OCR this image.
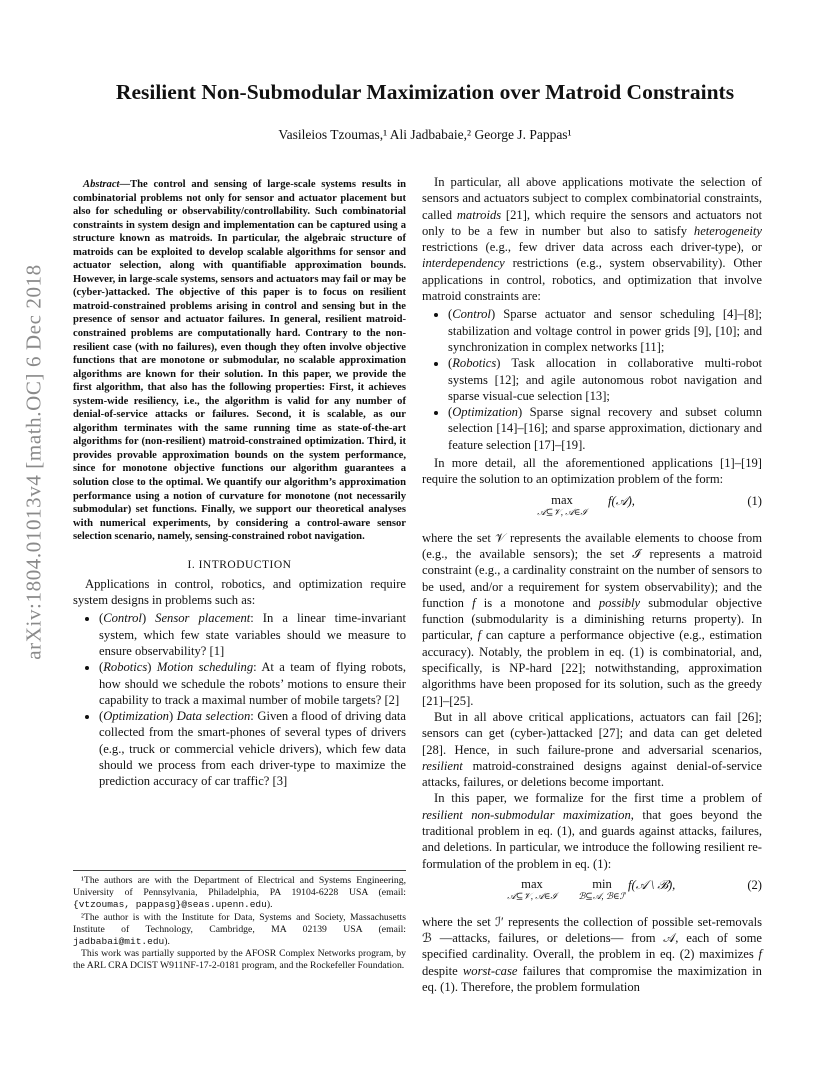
arXiv:1804.01013v4 [math.OC] 6 Dec 2018
Resilient Non-Submodular Maximization over Matroid Constraints
Vasileios Tzoumas,¹ Ali Jadbabaie,² George J. Pappas¹

Abstract—The control and sensing of large-scale systems results in combinatorial problems not only for sensor and actuator placement but also for scheduling or observability/controllability. Such combinatorial constraints in system design and implementation can be captured using a structure known as matroids. In particular, the algebraic structure of matroids can be exploited to develop scalable algorithms for sensor and actuator selection, along with quantifiable approximation bounds. However, in large-scale systems, sensors and actuators may fail or may be (cyber-)attacked. The objective of this paper is to focus on resilient matroid-constrained problems arising in control and sensing but in the presence of sensor and actuator failures. In general, resilient matroid-constrained problems are computationally hard. Contrary to the non-resilient case (with no failures), even though they often involve objective functions that are monotone or submodular, no scalable approximation algorithms are known for their solution. In this paper, we provide the first algorithm, that also has the following properties: First, it achieves system-wide resiliency, i.e., the algorithm is valid for any number of denial-of-service attacks or failures. Second, it is scalable, as our algorithm terminates with the same running time as state-of-the-art algorithms for (non-resilient) matroid-constrained optimization. Third, it provides provable approximation bounds on the system performance, since for monotone objective functions our algorithm guarantees a solution close to the optimal. We quantify our algorithm’s approximation performance using a notion of curvature for monotone (not necessarily submodular) set functions. Finally, we support our theoretical analyses with numerical experiments, by considering a control-aware sensor selection scenario, namely, sensing-constrained robot navigation.

I. INTRODUCTION

Applications in control, robotics, and optimization require system designs in problems such as:

• (Control) Sensor placement: In a linear time-invariant system, which few state variables should we measure to ensure observability? [1]
• (Robotics) Motion scheduling: At a team of flying robots, how should we schedule the robots’ motions to ensure their capability to track a maximal number of mobile targets? [2]
• (Optimization) Data selection: Given a flood of driving data collected from the smart-phones of several types of drivers (e.g., truck or commercial vehicle drivers), which few data should we process from each driver-type to maximize the prediction accuracy of car traffic? [3]

¹The authors are with the Department of Electrical and Systems Engineering, University of Pennsylvania, Philadelphia, PA 19104-6228 USA (email: {vtzoumas, pappasg}@seas.upenn.edu).

²The author is with the Institute for Data, Systems and Society, Massachusetts Institute of Technology, Cambridge, MA 02139 USA (email: jadbabai@mit.edu).

This work was partially supported by the AFOSR Complex Networks program, by the ARL CRA DCIST W911NF-17-2-0181 program, and the Rockefeller Foundation.

In particular, all above applications motivate the selection of sensors and actuators subject to complex combinatorial constraints, called matroids [21], which require the sensors and actuators not only to be a few in number but also to satisfy heterogeneity restrictions (e.g., few driver data across each driver-type), or interdependency restrictions (e.g., system observability). Other applications in control, robotics, and optimization that involve matroid constraints are:

• (Control) Sparse actuator and sensor scheduling [4]–[8]; stabilization and voltage control in power grids [9], [10]; and synchronization in complex networks [11];
• (Robotics) Task allocation in collaborative multi-robot systems [12]; and agile autonomous robot navigation and sparse visual-cue selection [13];
• (Optimization) Sparse signal recovery and subset column selection [14]–[16]; and sparse approximation, dictionary and feature selection [17]–[19].

In more detail, all the aforementioned applications [1]–[19] require the solution to an optimization problem of the form:

max
𝒜⊆𝒱, 𝒜∈ℐ
f(𝒜),	(1)

where the set 𝒱 represents the available elements to choose from (e.g., the available sensors); the set ℐ represents a matroid constraint (e.g., a cardinality constraint on the number of sensors to be used, and/or a requirement for system observability); and the function f is a monotone and possibly submodular objective function (submodularity is a diminishing returns property). In particular, f can capture a performance objective (e.g., estimation accuracy). Notably, the problem in eq. (1) is combinatorial, and, specifically, is NP-hard [22]; notwithstanding, approximation algorithms have been proposed for its solution, such as the greedy [21]–[25].

But in all above critical applications, actuators can fail [26]; sensors can get (cyber-)attacked [27]; and data can get deleted [28]. Hence, in such failure-prone and adversarial scenarios, resilient matroid-constrained designs against denial-of-service attacks, failures, or deletions become important.

In this paper, we formalize for the first time a problem of resilient non-submodular maximization, that goes beyond the traditional problem in eq. (1), and guards against attacks, failures, and deletions. In particular, we introduce the following resilient re-formulation of the problem in eq. (1):

max
𝒜⊆𝒱, 𝒜∈ℐ
min
ℬ⊆𝒜, ℬ∈ℐ′
f(𝒜 \ ℬ),	(2)

where the set ℐ′ represents the collection of possible set-removals ℬ —attacks, failures, or deletions— from 𝒜, each of some specified cardinality. Overall, the problem in eq. (2) maximizes f despite worst-case failures that compromise the maximization in eq. (1). Therefore, the problem formulation
